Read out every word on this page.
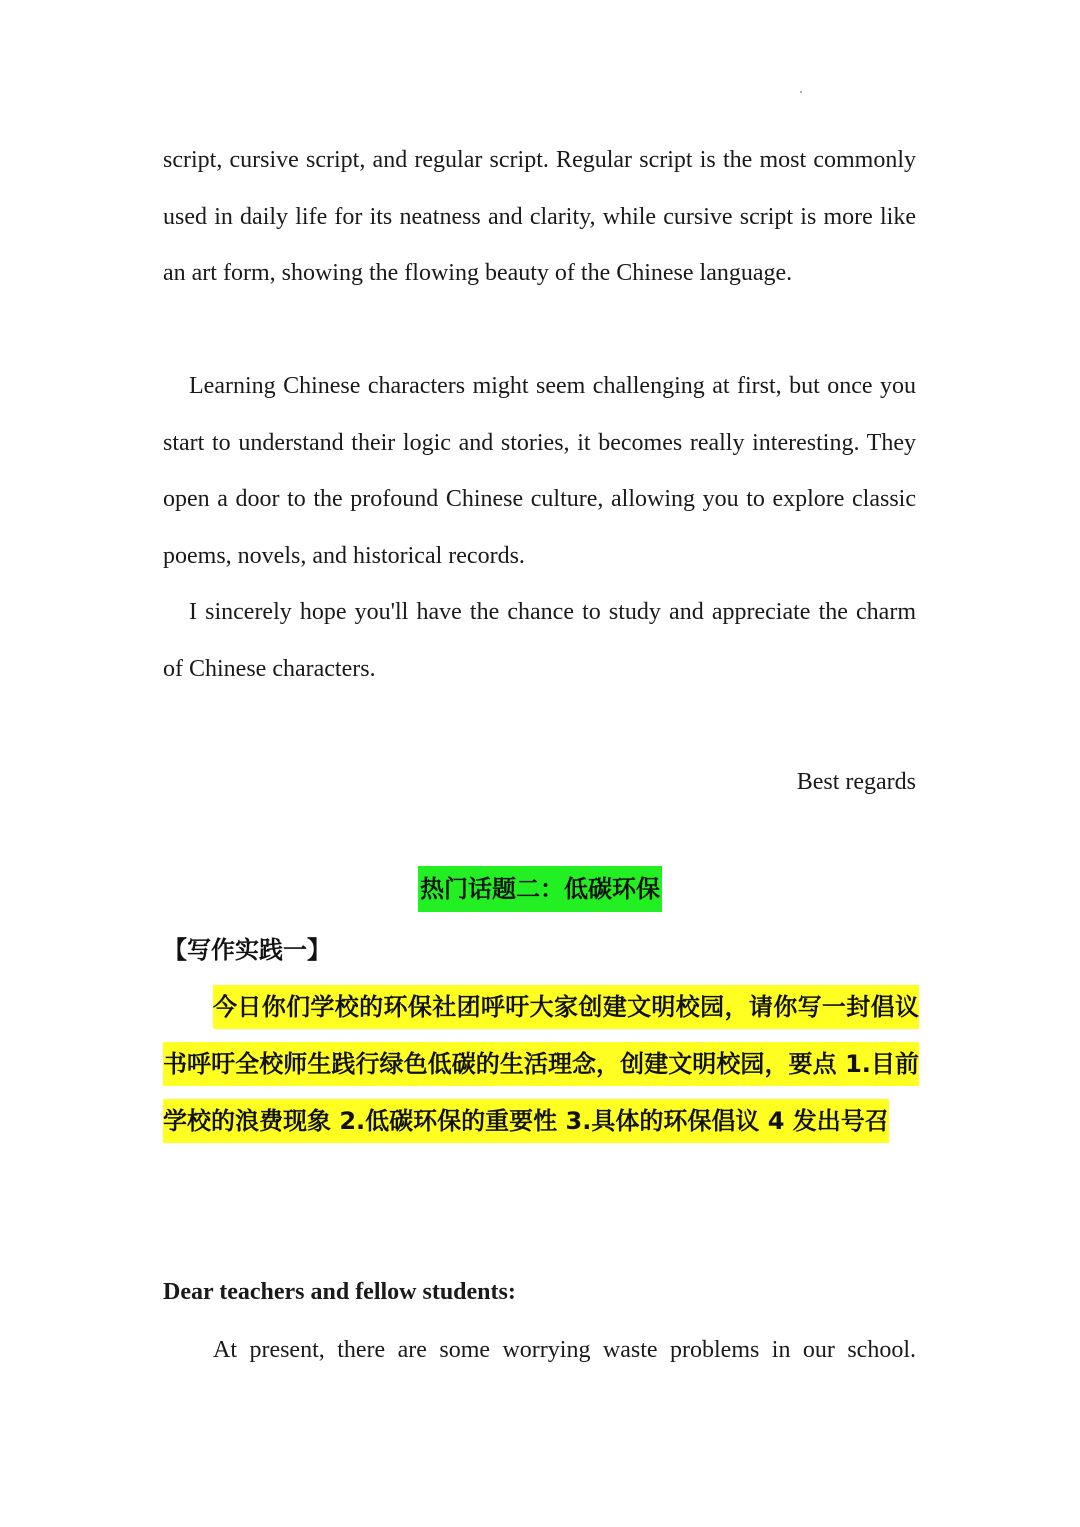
script, cursive script, and regular script. Regular script is the most commonly used in daily life for its neatness and clarity, while cursive script is more like an art form, showing the flowing beauty of the Chinese language.

Learning Chinese characters might seem challenging at first, but once you start to understand their logic and stories, it becomes really interesting. They open a door to the profound Chinese culture, allowing you to explore classic poems, novels, and historical records.

I sincerely hope you'll have the chance to study and appreciate the charm of Chinese characters.

Best regards
热门话题二：低碳环保
【写作实践一】

今日你们学校的环保社团呼吁大家创建文明校园，请你写一封倡议书呼吁全校师生践行绿色低碳的生活理念，创建文明校园，要点 1.目前学校的浪费现象 2.低碳环保的重要性 3.具体的环保倡议 4 发出号召

Dear teachers and fellow students:

At present, there are some worrying waste problems in our school.
